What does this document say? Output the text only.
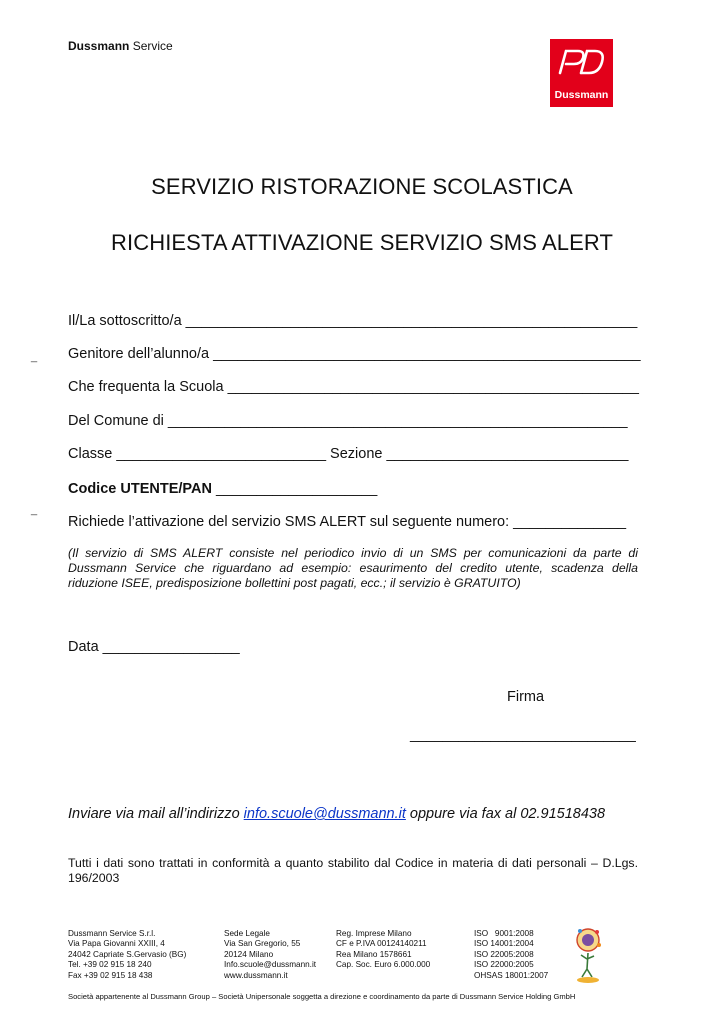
Dussmann Service
Dussmann
SERVIZIO RISTORAZIONE SCOLASTICA
RICHIESTA ATTIVAZIONE SERVIZIO SMS ALERT
Il/La sottoscritto/a ________________________________________________________
_ Genitore dell’alunno/a _____________________________________________________
Che frequenta la Scuola ___________________________________________________
Del Comune di _________________________________________________________
Classe __________________________ Sezione ______________________________
Codice UTENTE/PAN ____________________
_
Richiede l’attivazione del servizio SMS ALERT sul seguente numero: ______________
(Il servizio di SMS ALERT consiste nel periodico invio di un SMS per comunicazioni da parte di Dussmann Service che riguardano ad esempio: esaurimento del credito utente, scadenza della riduzione ISEE, predisposizione bollettini post pagati, ecc.; il servizio è GRATUITO)
Data _________________
Firma
____________________________
Inviare via mail all’indirizzo info.scuole@dussmann.it oppure via fax al 02.91518438
Tutti i dati sono trattati in conformità a quanto stabilito dal Codice in materia di dati personali – D.Lgs. 196/2003
Dussmann Service S.r.l.
Via Papa Giovanni XXIII, 4
24042 Capriate S.Gervasio (BG)
Tel. +39 02 915 18 240
Fax +39 02 915 18 438
Sede Legale
Via San Gregorio, 55
20124 Milano
Info.scuole@dussmann.it
www.dussmann.it
Reg. Imprese Milano
CF e P.IVA 00124140211
Rea Milano 1578661
Cap. Soc. Euro 6.000.000
ISO   9001:2008
ISO 14001:2004
ISO 22005:2008
ISO 22000:2005
OHSAS 18001:2007
Società appartenente al Dussmann Group – Società Unipersonale soggetta a direzione e coordinamento da parte di Dussmann Service Holding GmbH
